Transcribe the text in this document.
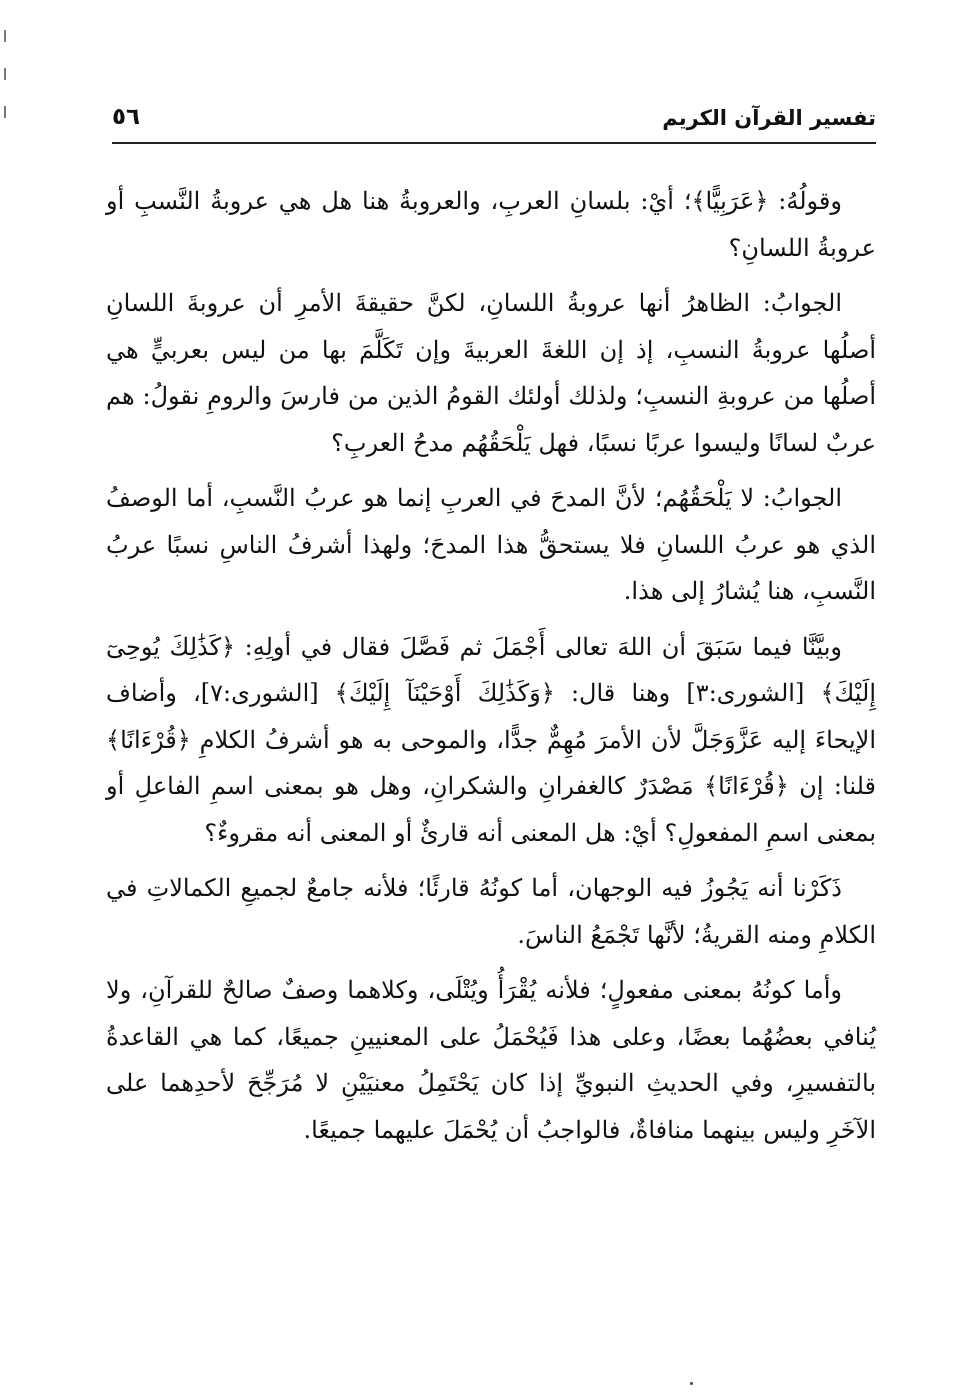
تفسير القرآن الكريم
٥٦

وقولُهُ: ﴿عَرَبِيًّا﴾؛ أيْ: بلسانِ العربِ، والعروبةُ هنا هل هي عروبةُ النَّسبِ أو عروبةُ اللسانِ؟

الجوابُ: الظاهرُ أنها عروبةُ اللسانِ، لكنَّ حقيقةَ الأمرِ أن عروبةَ اللسانِ أصلُها عروبةُ النسبِ، إذ إن اللغةَ العربيةَ وإن تَكَلَّمَ بها من ليس بعربيٍّ هي أصلُها من عروبةِ النسبِ؛ ولذلك أولئك القومُ الذين من فارسَ والرومِ نقولُ: هم عربٌ لسانًا وليسوا عربًا نسبًا، فهل يَلْحَقُهُم مدحُ العربِ؟

الجوابُ: لا يَلْحَقُهُم؛ لأنَّ المدحَ في العربِ إنما هو عربُ النَّسبِ، أما الوصفُ الذي هو عربُ اللسانِ فلا يستحقُّ هذا المدحَ؛ ولهذا أشرفُ الناسِ نسبًا عربُ النَّسبِ، هنا يُشارُ إلى هذا.

وبيَّنَّا فيما سَبَقَ أن اللهَ تعالى أَجْمَلَ ثم فَصَّلَ فقال في أولِهِ: ﴿كَذَٰلِكَ يُوحِىٓ إِلَيْكَ﴾ [الشورى:٣] وهنا قال: ﴿وَكَذَٰلِكَ أَوْحَيْنَآ إِلَيْكَ﴾ [الشورى:٧]، وأضاف الإيحاءَ إليه عَزَّوَجَلَّ لأن الأمرَ مُهِمٌّ جدًّا، والموحى به هو أشرفُ الكلامِ ﴿قُرْءَانًا﴾ قلنا: إن ﴿قُرْءَانًا﴾ مَصْدَرٌ كالغفرانِ والشكرانِ، وهل هو بمعنى اسمِ الفاعلِ أو بمعنى اسمِ المفعولِ؟ أيْ: هل المعنى أنه قارئٌ أو المعنى أنه مقروءٌ؟

ذَكَرْنا أنه يَجُوزُ فيه الوجهان، أما كونُهُ قارئًا؛ فلأنه جامعٌ لجميعِ الكمالاتِ في الكلامِ ومنه القريةُ؛ لأنَّها تَجْمَعُ الناسَ.

وأما كونُهُ بمعنى مفعولٍ؛ فلأنه يُقْرَأُ ويُتْلَى، وكلاهما وصفٌ صالحٌ للقرآنِ، ولا يُنافي بعضُهُما بعضًا، وعلى هذا فَيُحْمَلُ على المعنيينِ جميعًا، كما هي القاعدةُ بالتفسيرِ، وفي الحديثِ النبويِّ إذا كان يَحْتَمِلُ معنيَيْنِ لا مُرَجِّحَ لأحدِهما على الآخَرِ وليس بينهما منافاةٌ، فالواجبُ أن يُحْمَلَ عليهما جميعًا.
